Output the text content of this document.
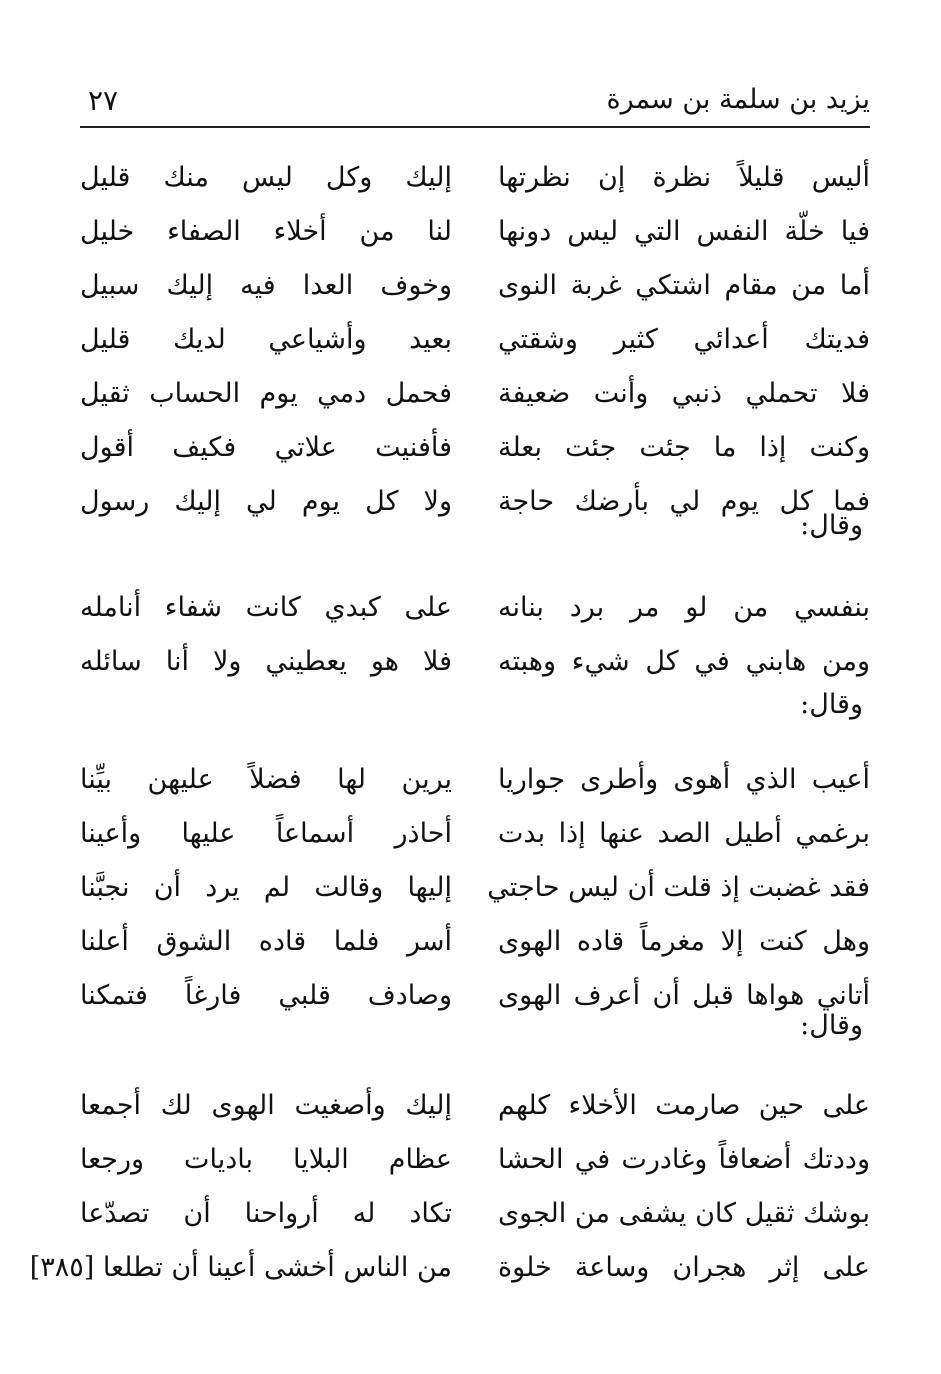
يزيد بن سلمة بن سمرة
٢٧
أليس قليلاً نظرة إن نظرتها
إليك وكل ليس منك قليل
فيا خلّة النفس التي ليس دونها
لنا من أخلاء الصفاء خليل
أما من مقام اشتكي غربة النوى
وخوف العدا فيه إليك سبيل
فديتك أعدائي كثير وشقتي
بعيد وأشياعي لديك قليل
فلا تحملي ذنبي وأنت ضعيفة
فحمل دمي يوم الحساب ثقيل
وكنت إذا ما جئت جئت بعلة
فأفنيت علاتي فكيف أقول
فما كل يوم لي بأرضك حاجة
ولا كل يوم لي إليك رسول
وقال:
بنفسي من لو مر برد بنانه
على كبدي كانت شفاء أنامله
ومن هابني في كل شيء وهبته
فلا هو يعطيني ولا أنا سائله
وقال:
أعيب الذي أهوى وأطرى جواريا
يرين لها فضلاً عليهن بيِّنا
برغمي أطيل الصد عنها إذا بدت
أحاذر أسماعاً عليها وأعينا
فقد غضبت إذ قلت أن ليس حاجتي
إليها وقالت لم يرد أن نجبَّنا
وهل كنت إلا مغرماً قاده الهوى
أسر فلما قاده الشوق أعلنا
أتاني هواها قبل أن أعرف الهوى
وصادف قلبي فارغاً فتمكنا
وقال:
على حين صارمت الأخلاء كلهم
إليك وأصغيت الهوى لك أجمعا
وددتك أضعافاً وغادرت في الحشا
عظام البلايا باديات ورجعا
بوشك ثقيل كان يشفى من الجوى
تكاد له أرواحنا أن تصدّعا
على إثر هجران وساعة خلوة
من الناس أخشى أعينا أن تطلعا [٣٨٥]
